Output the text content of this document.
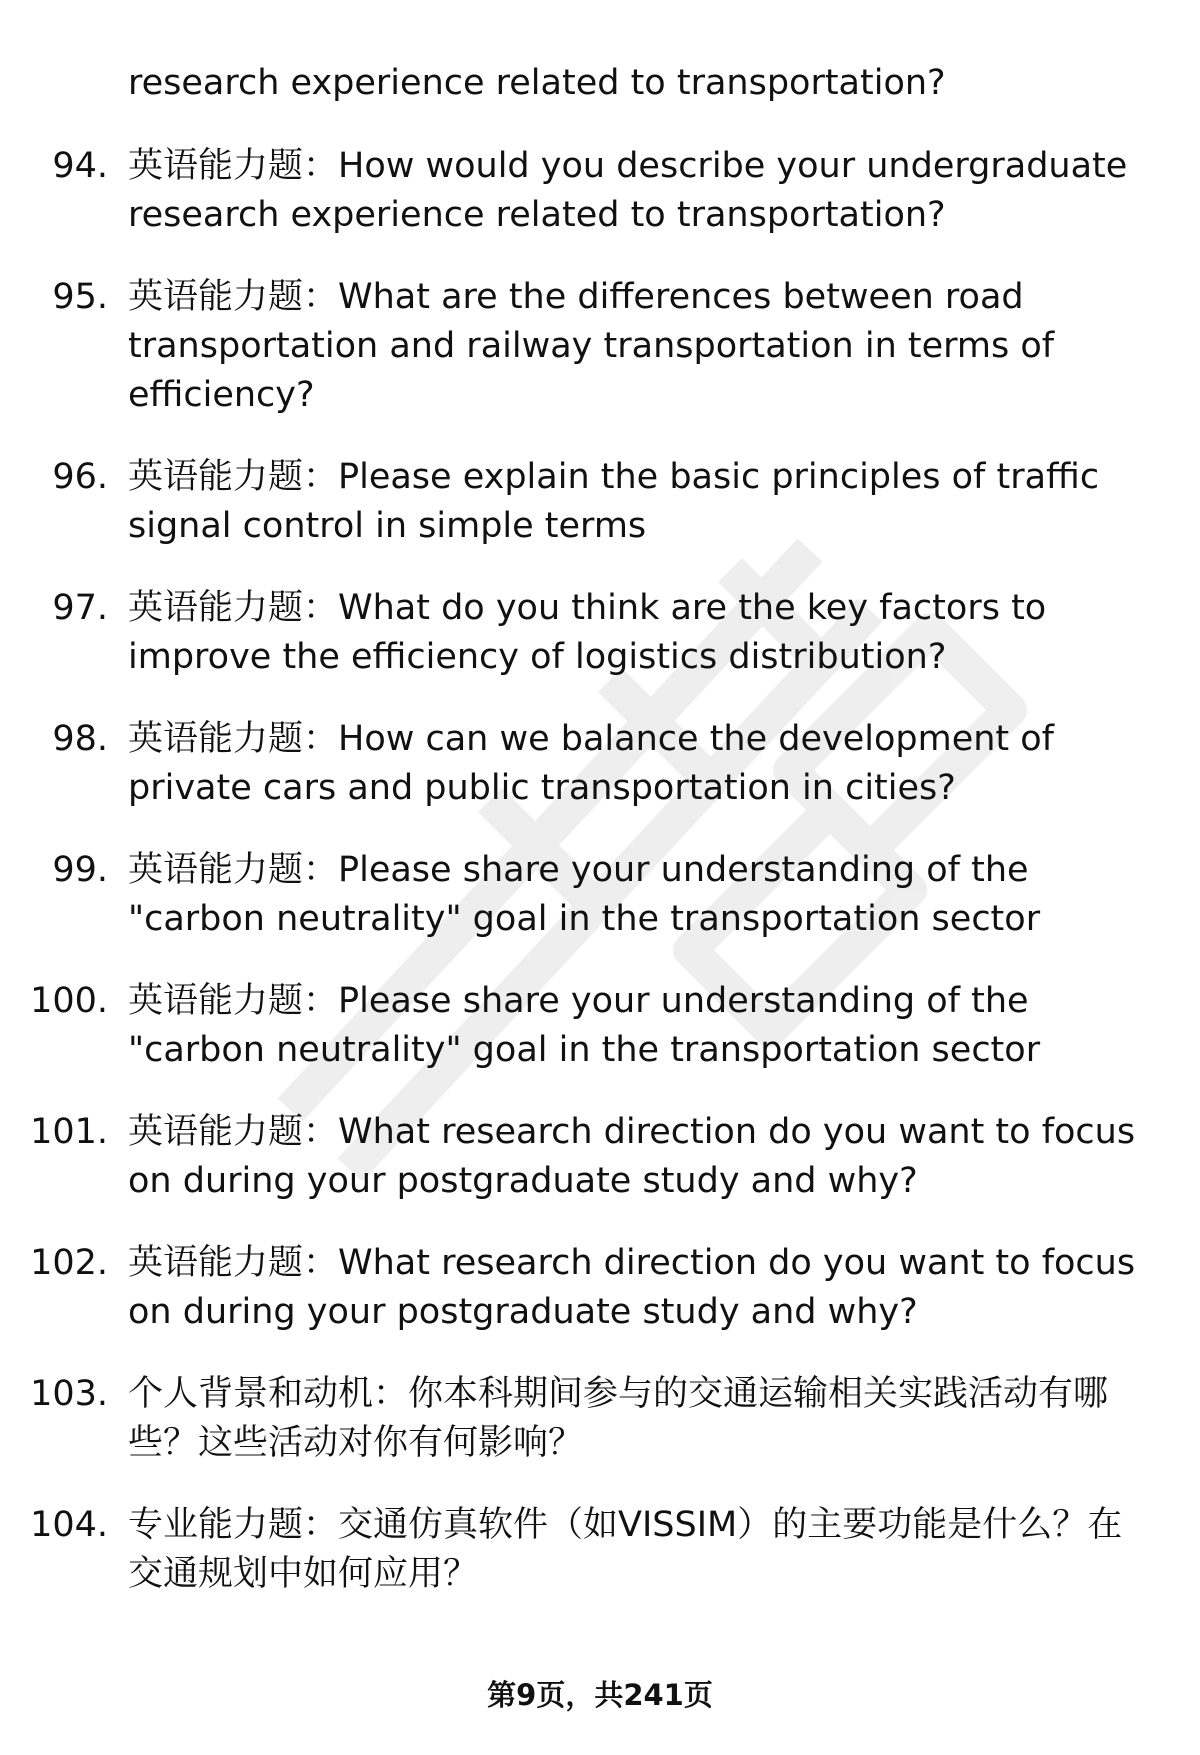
research experience related to transportation?

94. 英语能力题：How would you describe your undergraduate research experience related to transportation?
95. 英语能力题：What are the differences between road transportation and railway transportation in terms of efficiency?
96. 英语能力题：Please explain the basic principles of traffic signal control in simple terms
97. 英语能力题：What do you think are the key factors to improve the efficiency of logistics distribution?
98. 英语能力题：How can we balance the development of private cars and public transportation in cities?
99. 英语能力题：Please share your understanding of the "carbon neutrality" goal in the transportation sector
100. 英语能力题：Please share your understanding of the "carbon neutrality" goal in the transportation sector
101. 英语能力题：What research direction do you want to focus on during your postgraduate study and why?
102. 英语能力题：What research direction do you want to focus on during your postgraduate study and why?
103. 个人背景和动机：你本科期间参与的交通运输相关实践活动有哪些？这些活动对你有何影响？
104. 专业能力题：交通仿真软件（如VISSIM）的主要功能是什么？在交通规划中如何应用？
第9页，共241页
